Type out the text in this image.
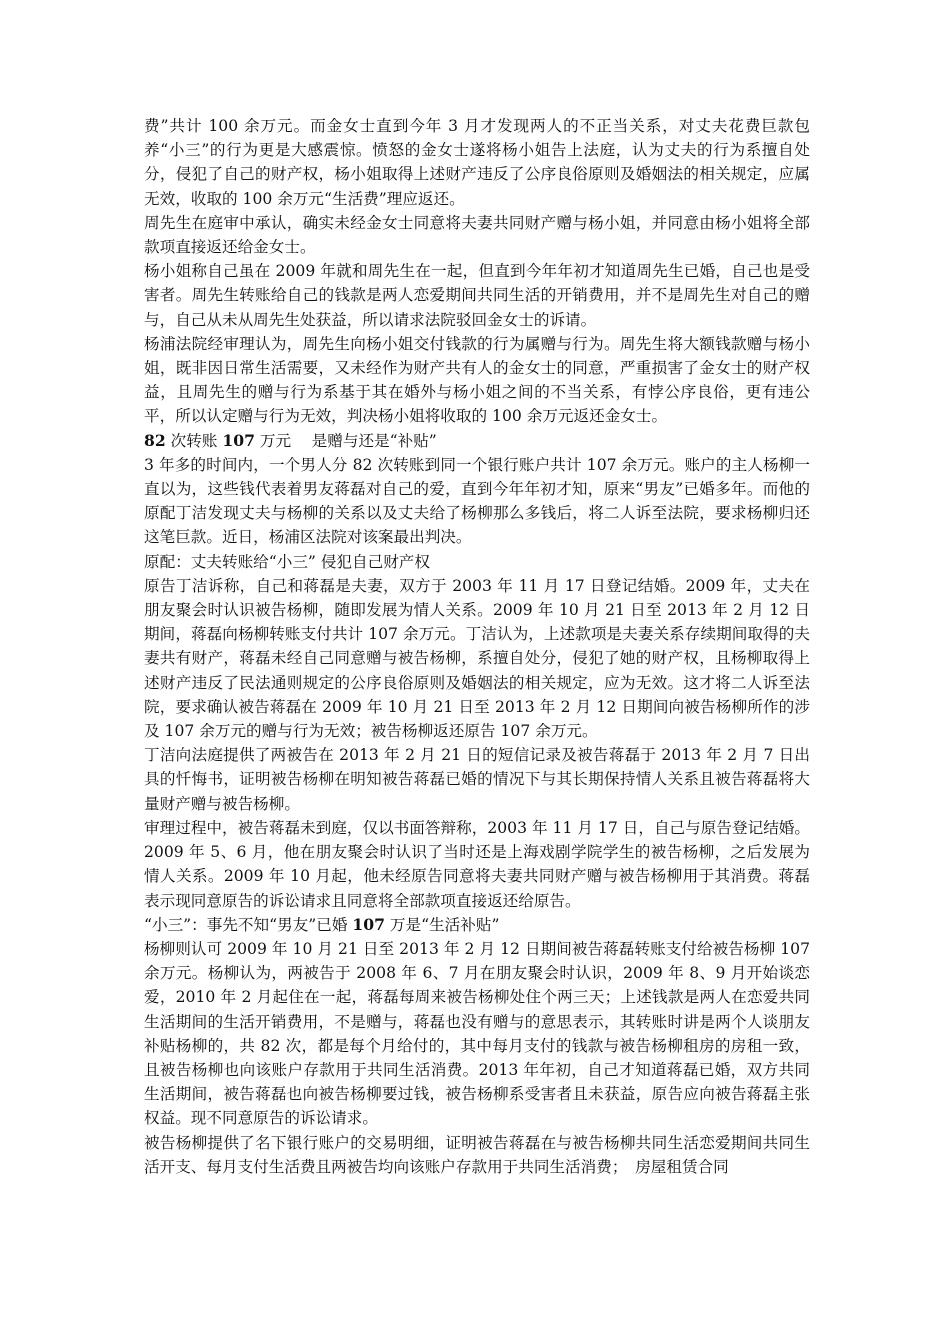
费”共计 100 余万元。而金女士直到今年 3 月才发现两人的不正当关系，对丈夫花费巨款包养“小三”的行为更是大感震惊。愤怒的金女士遂将杨小姐告上法庭，认为丈夫的行为系擅自处分，侵犯了自己的财产权，杨小姐取得上述财产违反了公序良俗原则及婚姻法的相关规定，应属无效，收取的 100 余万元“生活费”理应返还。

周先生在庭审中承认，确实未经金女士同意将夫妻共同财产赠与杨小姐，并同意由杨小姐将全部款项直接返还给金女士。

杨小姐称自己虽在 2009 年就和周先生在一起，但直到今年年初才知道周先生已婚，自己也是受害者。周先生转账给自己的钱款是两人恋爱期间共同生活的开销费用，并不是周先生对自己的赠与，自己从未从周先生处获益，所以请求法院驳回金女士的诉请。

杨浦法院经审理认为，周先生向杨小姐交付钱款的行为属赠与行为。周先生将大额钱款赠与杨小姐，既非因日常生活需要，又未经作为财产共有人的金女士的同意，严重损害了金女士的财产权益，且周先生的赠与行为系基于其在婚外与杨小姐之间的不当关系，有悖公序良俗，更有违公平，所以认定赠与行为无效，判决杨小姐将收取的 100 余万元返还金女士。

82 次转账 107 万元　 是赠与还是“补贴”

3 年多的时间内，一个男人分 82 次转账到同一个银行账户共计 107 余万元。账户的主人杨柳一直以为，这些钱代表着男友蒋磊对自己的爱，直到今年年初才知，原来“男友”已婚多年。而他的原配丁洁发现丈夫与杨柳的关系以及丈夫给了杨柳那么多钱后，将二人诉至法院，要求杨柳归还这笔巨款。近日，杨浦区法院对该案最出判决。

原配：丈夫转账给“小三” 侵犯自己财产权

原告丁洁诉称，自己和蒋磊是夫妻，双方于 2003 年 11 月 17 日登记结婚。2009 年，丈夫在朋友聚会时认识被告杨柳，随即发展为情人关系。2009 年 10 月 21 日至 2013 年 2 月 12 日期间，蒋磊向杨柳转账支付共计 107 余万元。丁洁认为，上述款项是夫妻关系存续期间取得的夫妻共有财产，蒋磊未经自己同意赠与被告杨柳，系擅自处分，侵犯了她的财产权，且杨柳取得上述财产违反了民法通则规定的公序良俗原则及婚姻法的相关规定，应为无效。这才将二人诉至法院，要求确认被告蒋磊在 2009 年 10 月 21 日至 2013 年 2 月 12 日期间向被告杨柳所作的涉及 107 余万元的赠与行为无效；被告杨柳返还原告 107 余万元。

丁洁向法庭提供了两被告在 2013 年 2 月 21 日的短信记录及被告蒋磊于 2013 年 2 月 7 日出具的忏悔书，证明被告杨柳在明知被告蒋磊已婚的情况下与其长期保持情人关系且被告蒋磊将大量财产赠与被告杨柳。

审理过程中，被告蒋磊未到庭，仅以书面答辩称，2003 年 11 月 17 日，自己与原告登记结婚。2009 年 5、6 月，他在朋友聚会时认识了当时还是上海戏剧学院学生的被告杨柳，之后发展为情人关系。2009 年 10 月起，他未经原告同意将夫妻共同财产赠与被告杨柳用于其消费。蒋磊表示现同意原告的诉讼请求且同意将全部款项直接返还给原告。

“小三”：事先不知“男友”已婚 107 万是“生活补贴”

杨柳则认可 2009 年 10 月 21 日至 2013 年 2 月 12 日期间被告蒋磊转账支付给被告杨柳 107 余万元。杨柳认为，两被告于 2008 年 6、7 月在朋友聚会时认识，2009 年 8、9 月开始谈恋爱，2010 年 2 月起住在一起，蒋磊每周来被告杨柳处住个两三天；上述钱款是两人在恋爱共同生活期间的生活开销费用，不是赠与，蒋磊也没有赠与的意思表示，其转账时讲是两个人谈朋友补贴杨柳的，共 82 次，都是每个月给付的，其中每月支付的钱款与被告杨柳租房的房租一致，且被告杨柳也向该账户存款用于共同生活消费。2013 年年初，自己才知道蒋磊已婚，双方共同生活期间，被告蒋磊也向被告杨柳要过钱，被告杨柳系受害者且未获益，原告应向被告蒋磊主张权益。现不同意原告的诉讼请求。

被告杨柳提供了名下银行账户的交易明细，证明被告蒋磊在与被告杨柳共同生活恋爱期间共同生活开支、每月支付生活费且两被告均向该账户存款用于共同生活消费；　房屋租赁合同
